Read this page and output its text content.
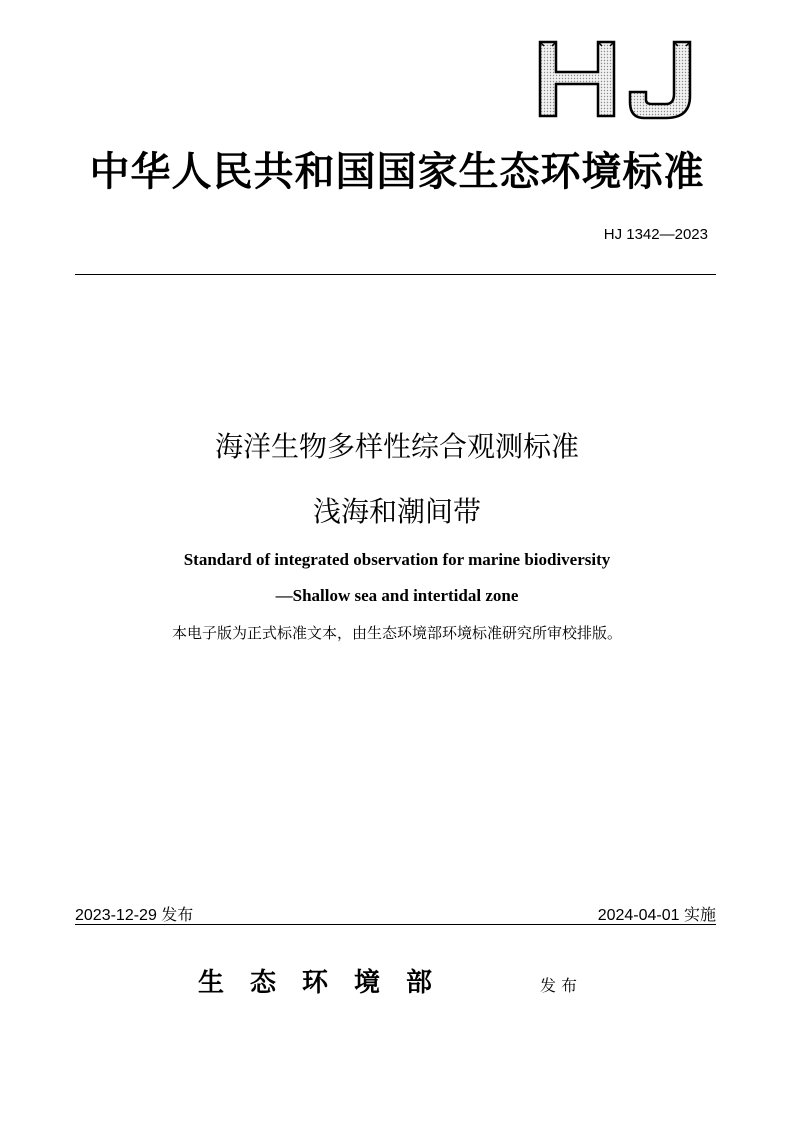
中华人民共和国国家生态环境标准
HJ 1342—2023
海洋生物多样性综合观测标准
浅海和潮间带
Standard of integrated observation for marine biodiversity
—Shallow sea and intertidal zone
本电子版为正式标准文本，由生态环境部环境标准研究所审校排版。
2023-12-29 发布	2024-04-01 实施
生态环境部	发布
